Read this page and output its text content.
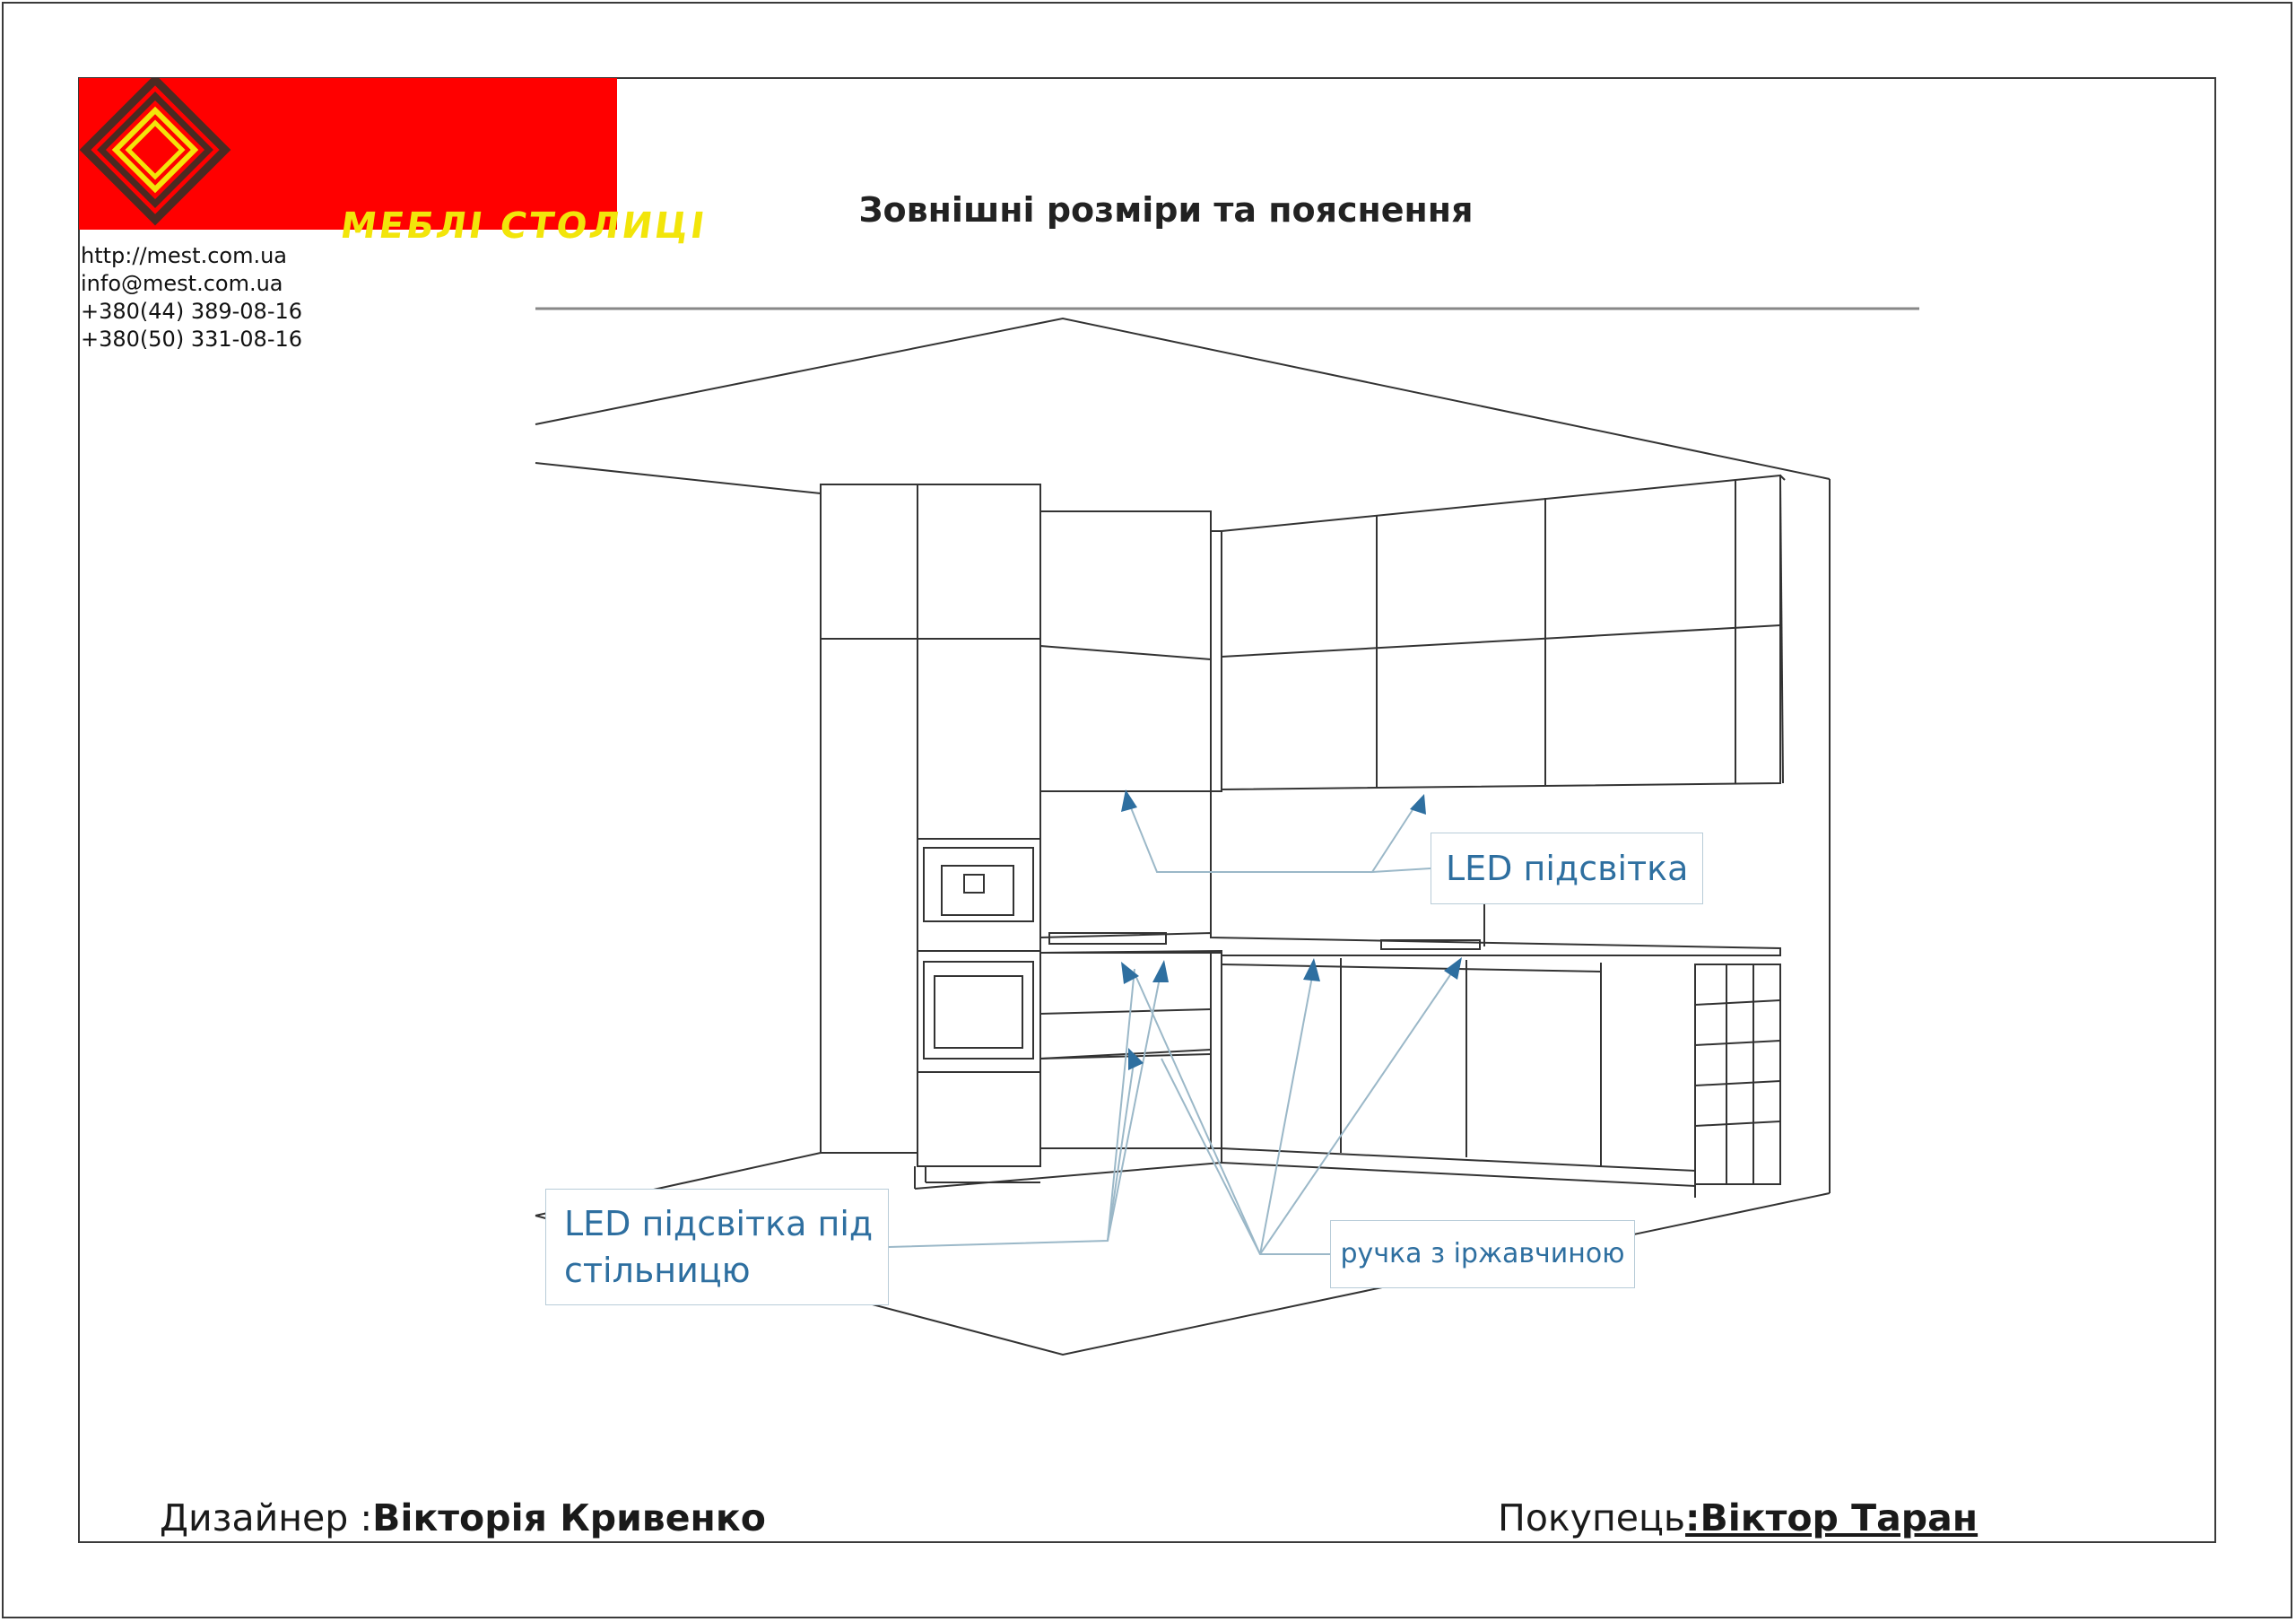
МЕБЛІ СТОЛИЦІ
http://mest.com.ua
info@mest.com.ua
+380(44) 389-08-16
+380(50) 331-08-16
Зовнішні розміри та пояснення
LED підсвітка
LED підсвітка під стільницю	ручка з іржавчиною
Дизайнер :Вікторія Кривенко	Покупець:Віктор Таран
